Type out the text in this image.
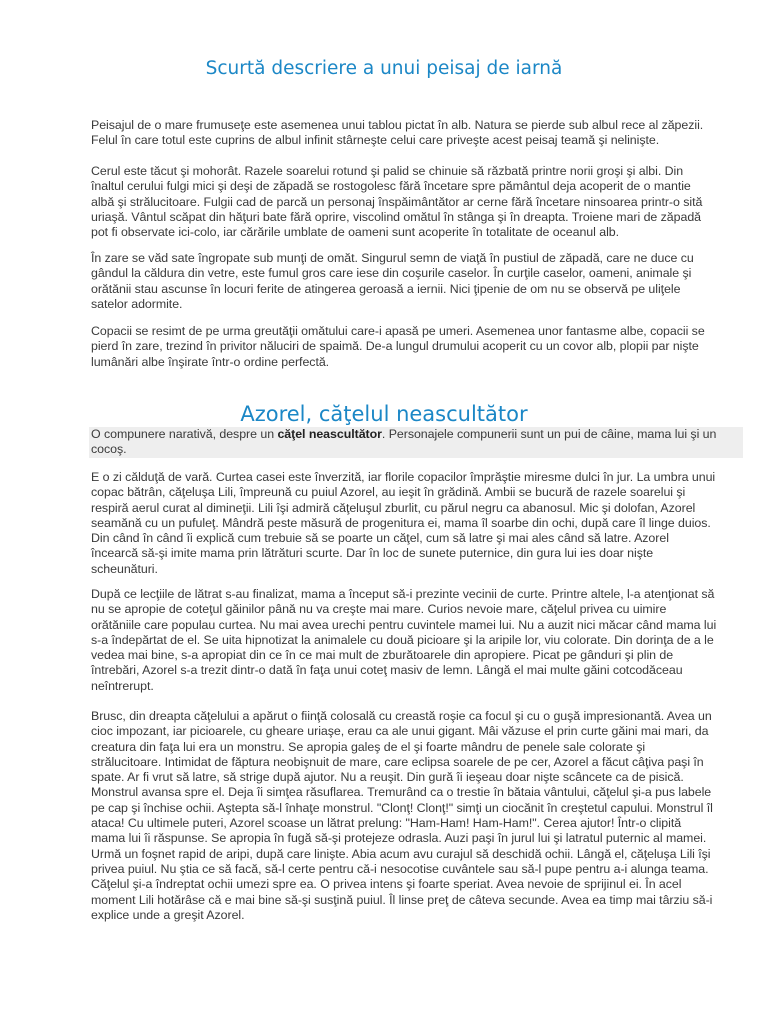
Scurtă descriere a unui peisaj de iarnă
Peisajul de o mare frumuseţe este asemenea unui tablou pictat în alb. Natura se pierde sub albul rece al zăpezii.
Felul în care totul este cuprins de albul infinit stârneşte celui care priveşte acest peisaj teamă şi nelinişte.
Cerul este tăcut şi mohorât. Razele soarelui rotund şi palid se chinuie să răzbată printre norii groşi şi albi. Din
înaltul cerului fulgi mici şi deşi de zăpadă se rostogolesc fără încetare spre pământul deja acoperit de o mantie
albă şi strălucitoare. Fulgii cad de parcă un personaj înspăimântător ar cerne fără încetare ninsoarea printr-o sită
uriaşă. Vântul scăpat din hăţuri bate fără oprire, viscolind omătul în stânga şi în dreapta. Troiene mari de zăpadă
pot fi observate ici-colo, iar cărările umblate de oameni sunt acoperite în totalitate de oceanul alb.
În zare se văd sate îngropate sub munţi de omăt. Singurul semn de viaţă în pustiul de zăpadă, care ne duce cu
gândul la căldura din vetre, este fumul gros care iese din coşurile caselor. În curţile caselor, oameni, animale şi
orătănii stau ascunse în locuri ferite de atingerea geroasă a iernii. Nici ţipenie de om nu se observă pe uliţele
satelor adormite.
Copacii se resimt de pe urma greutăţii omătului care-i apasă pe umeri. Asemenea unor fantasme albe, copacii se
pierd în zare, trezind în privitor năluciri de spaimă. De-a lungul drumului acoperit cu un covor alb, plopii par nişte
lumânări albe înşirate într-o ordine perfectă.
Azorel, căţelul neascultător
O compunere narativă, despre un căţel neascultător. Personajele compunerii sunt un pui de câine, mama lui şi un
cocoş.
E o zi călduţă de vară. Curtea casei este înverzită, iar florile copacilor împrăştie miresme dulci în jur. La umbra unui
copac bătrân, căţeluşa Lili, împreună cu puiul Azorel, au ieşit în grădină. Ambii se bucură de razele soarelui şi
respiră aerul curat al dimineţii. Lili îşi admiră căţeluşul zburlit, cu părul negru ca abanosul. Mic şi dolofan, Azorel
seamănă cu un pufuleţ. Mândră peste măsură de progenitura ei, mama îl soarbe din ochi, după care îl linge duios.
Din când în când îi explică cum trebuie să se poarte un căţel, cum să latre şi mai ales când să latre. Azorel
încearcă să-şi imite mama prin lătrături scurte. Dar în loc de sunete puternice, din gura lui ies doar nişte
scheunături.
După ce lecţiile de lătrat s-au finalizat, mama a început să-i prezinte vecinii de curte. Printre altele, l-a atenţionat să
nu se apropie de coteţul găinilor până nu va creşte mai mare. Curios nevoie mare, căţelul privea cu uimire
orătăniile care populau curtea. Nu mai avea urechi pentru cuvintele mamei lui. Nu a auzit nici măcar când mama lui
s-a îndepărtat de el. Se uita hipnotizat la animalele cu două picioare şi la aripile lor, viu colorate. Din dorinţa de a le
vedea mai bine, s-a apropiat din ce în ce mai mult de zburătoarele din apropiere. Picat pe gânduri şi plin de
întrebări, Azorel s-a trezit dintr-o dată în faţa unui coteţ masiv de lemn. Lângă el mai multe găini cotcodăceau
neîntrerupt.
Brusc, din dreapta căţelului a apărut o fiinţă colosală cu creastă roşie ca focul şi cu o guşă impresionantă. Avea un
cioc impozant, iar picioarele, cu gheare uriaşe, erau ca ale unui gigant. Mâi văzuse el prin curte găini mai mari, da
creatura din faţa lui era un monstru. Se apropia galeş de el şi foarte mândru de penele sale colorate şi
strălucitoare. Intimidat de făptura neobişnuit de mare, care eclipsa soarele de pe cer, Azorel a făcut câţiva paşi în
spate. Ar fi vrut să latre, să strige după ajutor. Nu a reuşit. Din gură îi ieşeau doar nişte scâncete ca de pisică.
Monstrul avansa spre el. Deja îi simţea răsuflarea. Tremurând ca o trestie în bătaia vântului, căţelul şi-a pus labele
pe cap şi închise ochii. Aştepta să-l înhaţe monstrul. "Clonţ! Clonţ!" simţi un ciocănit în creştetul capului. Monstrul îl
ataca! Cu ultimele puteri, Azorel scoase un lătrat prelung: "Ham-Ham! Ham-Ham!". Cerea ajutor! Într-o clipită
mama lui îi răspunse. Se apropia în fugă să-şi protejeze odrasla. Auzi paşi în jurul lui şi latratul puternic al mamei.
Urmă un foşnet rapid de aripi, după care linişte. Abia acum avu curajul să deschidă ochii. Lângă el, căţeluşa Lili îşi
privea puiul. Nu ştia ce să facă, să-l certe pentru că-i nesocotise cuvântele sau să-l pupe pentru a-i alunga teama.
Căţelul şi-a îndreptat ochii umezi spre ea. O privea intens şi foarte speriat. Avea nevoie de sprijinul ei. În acel
moment Lili hotărâse că e mai bine să-şi susţină puiul. Îl linse preţ de câteva secunde. Avea ea timp mai târziu să-i
explice unde a greşit Azorel.
